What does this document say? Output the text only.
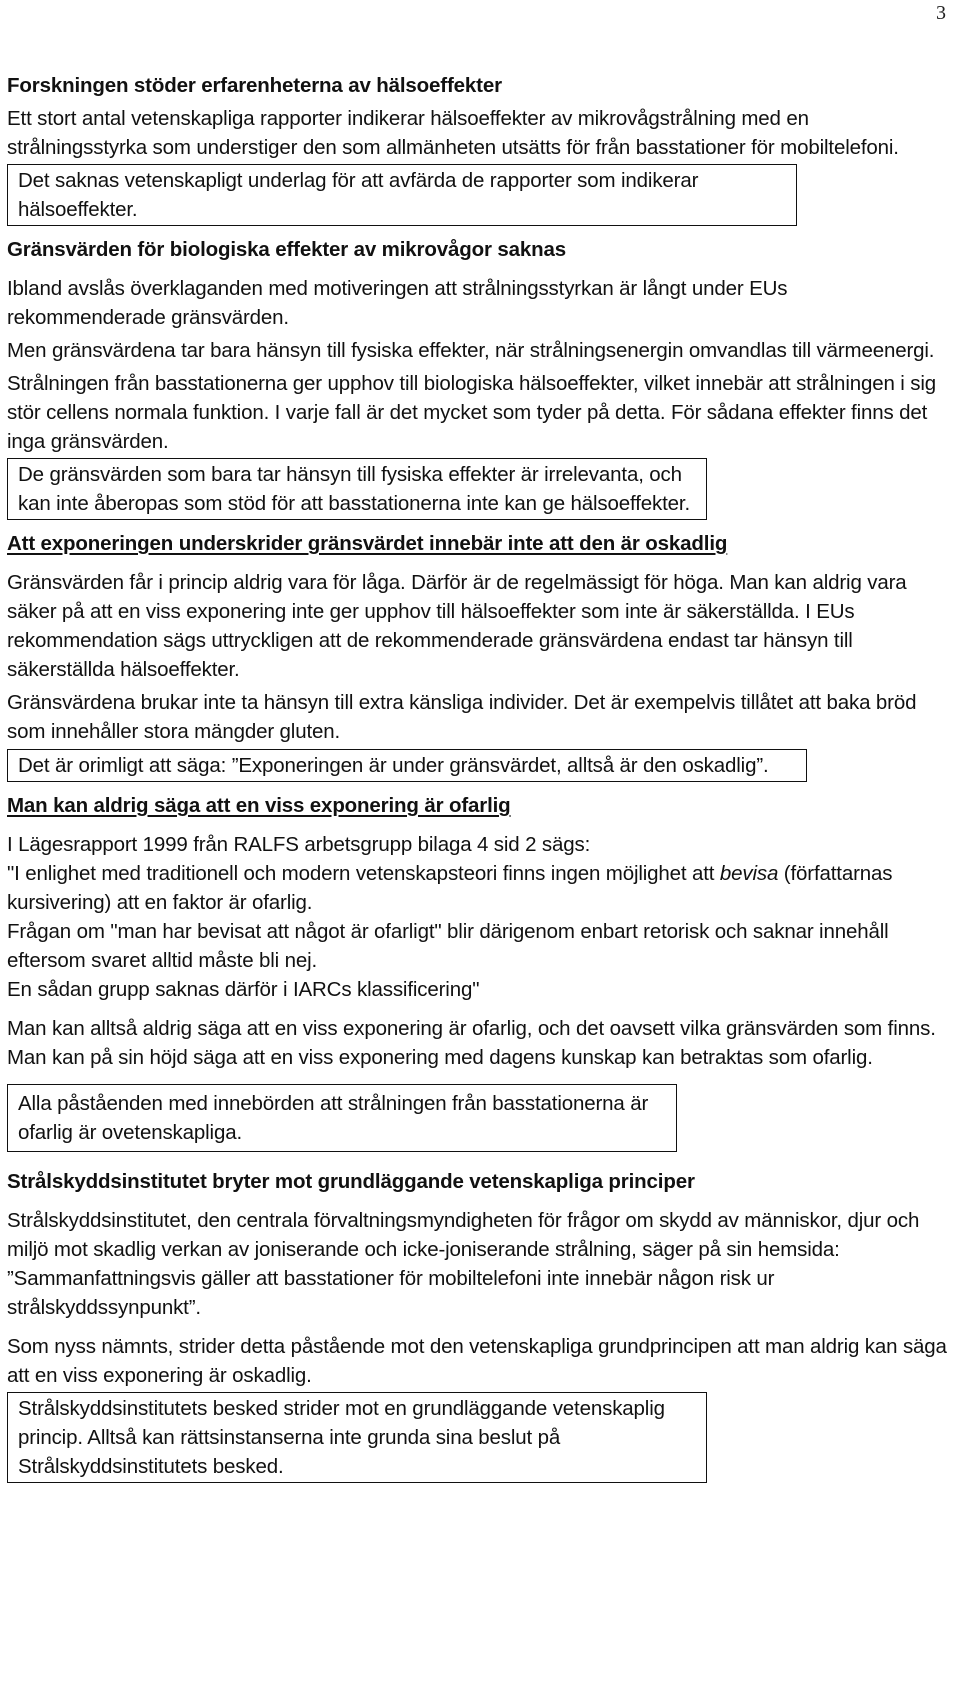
3
Forskningen stöder erfarenheterna av hälsoeffekter

Ett stort antal vetenskapliga rapporter indikerar hälsoeffekter av mikrovågstrålning med en strålningsstyrka som understiger den som allmänheten utsätts för från basstationer för mobiltelefoni.

Det saknas vetenskapligt underlag för att avfärda de rapporter som indikerar hälsoeffekter.

Gränsvärden för biologiska effekter av mikrovågor saknas

Ibland avslås överklaganden med motiveringen att strålningsstyrkan är långt under EUs rekommenderade gränsvärden.

Men gränsvärdena tar bara hänsyn till fysiska effekter, när strålningsenergin omvandlas till värmeenergi.

Strålningen från basstationerna ger upphov till biologiska hälsoeffekter, vilket innebär att strålningen i sig stör cellens normala funktion. I varje fall är det mycket som tyder på detta. För sådana effekter finns det inga gränsvärden.

De gränsvärden som bara tar hänsyn till fysiska effekter är irrelevanta, och kan inte åberopas som stöd för att basstationerna inte kan ge hälsoeffekter.

Att exponeringen underskrider gränsvärdet innebär inte att den är oskadlig

Gränsvärden får i princip aldrig vara för låga. Därför är de regelmässigt för höga. Man kan aldrig vara säker på att en viss exponering inte ger upphov till hälsoeffekter som inte är säkerställda. I EUs rekommendation sägs uttryckligen att de rekommenderade gränsvärdena endast tar hänsyn till säkerställda hälsoeffekter.

Gränsvärdena brukar inte ta hänsyn till extra känsliga individer. Det är exempelvis tillåtet att baka bröd som innehåller stora mängder gluten.

Det är orimligt att säga: ”Exponeringen är under gränsvärdet, alltså är den oskadlig”.

Man kan aldrig säga att en viss exponering är ofarlig

I Lägesrapport 1999 från RALFS arbetsgrupp bilaga 4 sid 2 sägs:

"I enlighet med traditionell och modern vetenskapsteori finns ingen möjlighet att bevisa (författarnas kursivering) att en faktor är ofarlig.

Frågan om "man har bevisat att något är ofarligt" blir därigenom enbart retorisk och saknar innehåll eftersom svaret alltid måste bli nej.

En sådan grupp saknas därför i IARCs klassificering"

Man kan alltså aldrig säga att en viss exponering är ofarlig, och det oavsett vilka gränsvärden som finns. Man kan på sin höjd säga att en viss exponering med dagens kunskap kan betraktas som ofarlig.

Alla påståenden med innebörden att strålningen från basstationerna är ofarlig är ovetenskapliga.

Strålskyddsinstitutet bryter mot grundläggande vetenskapliga principer

Strålskyddsinstitutet, den centrala förvaltningsmyndigheten för frågor om skydd av människor, djur och miljö mot skadlig verkan av joniserande och icke-joniserande strålning, säger på sin hemsida:

”Sammanfattningsvis gäller att basstationer för mobiltelefoni inte innebär någon risk ur strålskyddssynpunkt”.

Som nyss nämnts, strider detta påstående mot den vetenskapliga grundprincipen att man aldrig kan säga att en viss exponering är oskadlig.

Strålskyddsinstitutets besked strider mot en grundläggande vetenskaplig princip. Alltså kan rättsinstanserna inte grunda sina beslut på Strålskyddsinstitutets besked.
